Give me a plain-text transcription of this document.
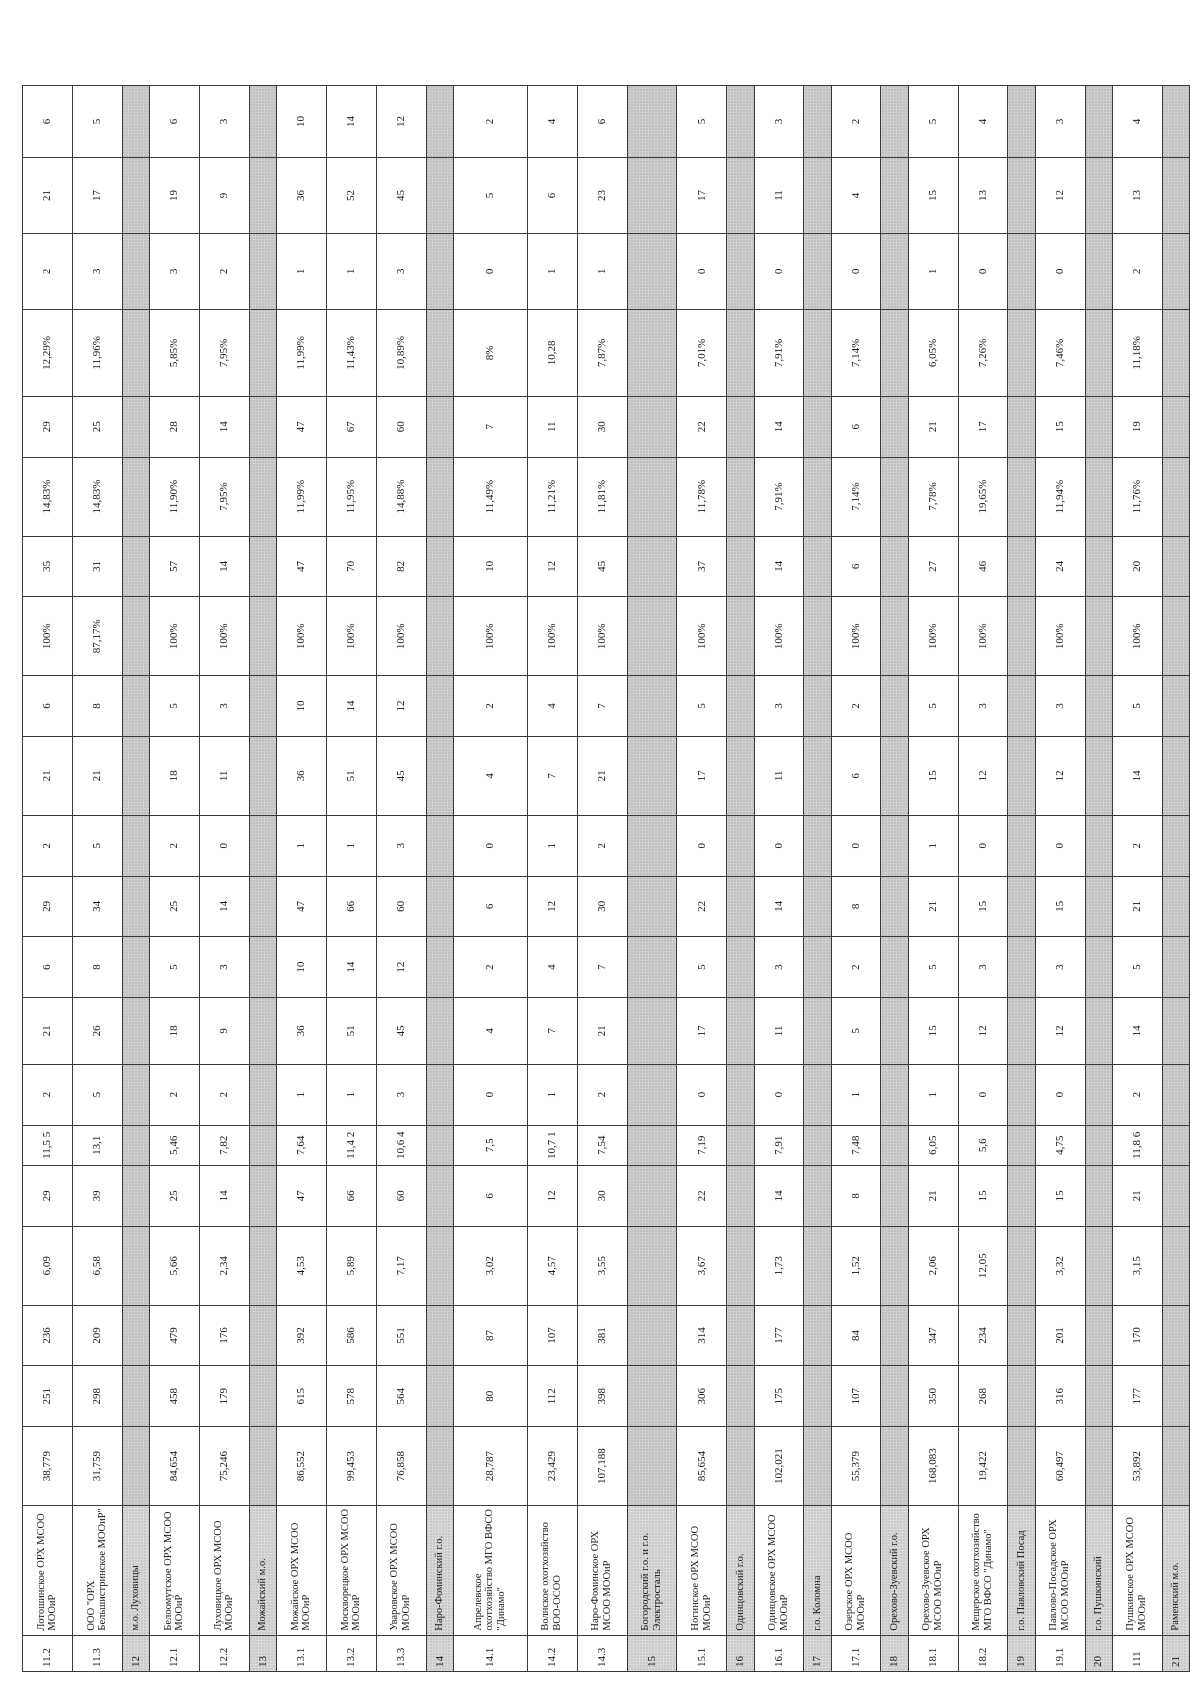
11.2	Лотошинское ОРХ МСОО МООиР	38,779	251	236	6,09	29	11,5 5	2	21	6	29	2	21	6	100%	35	14,83%	29	12,29%	2	21	6
11.3	ООО "ОРХ Бельшистринское МООиР"	31,759	298	209	6,58	39	13,1	5	26	8	34	5	21	8	87,17%	31	14,83%	25	11,96%	3	17	5
12	м.о. Луховицы																					
12.1	Белоомутское ОРХ МСОО МООиР	84,654	458	479	5,66	25	5,46	2	18	5	25	2	18	5	100%	57	11,90%	28	5,85%	3	19	6
12.2	Луховицкое ОРХ МСОО МООиР	75,246	179	176	2,34	14	7,82	2	9	3	14	0	11	3	100%	14	7,95%	14	7,95%	2	9	3
13	Можайский м.о.																					
13.1	Можайское ОРХ МСОО МООиР	86,552	615	392	4,53	47	7,64	1	36	10	47	1	36	10	100%	47	11,99%	47	11,99%	1	36	10
13.2	Москворецкое ОРХ МСОО МООиР	99,453	578	586	5,89	66	11,4 2	1	51	14	66	1	51	14	100%	70	11,95%	67	11,43%	1	52	14
13.3	Уваровское ОРХ МСОО МООиР	76,858	564	551	7,17	60	10,6 4	3	45	12	60	3	45	12	100%	82	14,88%	60	10,89%	3	45	12
14	Наро-Фоминский г.о.																					
14.1	Апрелевское охотхозяйство МГО ВФСО "Динамо"	28,787	80	87	3,02	6	7,5	0	4	2	6	0	4	2	100%	10	11,49%	7	8%	0	5	2
14.2	Волнское охотхозяйство ВОО-ОСОО	23,429	112	107	4,57	12	10,7 1	1	7	4	12	1	7	4	100%	12	11,21%	11	10,28	1	6	4
14.3	Наро-Фоминское ОРХ МСОО МООиР	107,188	398	381	3,55	30	7,54	2	21	7	30	2	21	7	100%	45	11,81%	30	7,87%	1	23	6
15	Богородский г.о. и г.о. Электросталь																					
15.1	Ногинское ОРХ МСОО МООиР	85,654	306	314	3,67	22	7,19	0	17	5	22	0	17	5	100%	37	11,78%	22	7,01%	0	17	5
16	Одинцовский г.о.																					
16.1	Одинцовское ОРХ МСОО МООиР	102,021	175	177	1,73	14	7,91	0	11	3	14	0	11	3	100%	14	7,91%	14	7,91%	0	11	3
17	г.о. Коломна																					
17.1	Озерское ОРХ МСОО МООиР	55,379	107	84	1,52	8	7,48	1	5	2	8	0	6	2	100%	6	7,14%	6	7,14%	0	4	2
18	Орехово-Зуевский г.о.																					
18.1	Орехово-Зуевское ОРХ МСОО МООиР	168,083	350	347	2,06	21	6,05	1	15	5	21	1	15	5	100%	27	7,78%	21	6,05%	1	15	5
18.2	Мещерское охотхозяйство МГО ВФСО "Динамо"	19,422	268	234	12,05	15	5,6	0	12	3	15	0	12	3	100%	46	19,65%	17	7,26%	0	13	4
19	г.о. Павловский Посад																					
19.1	Павлово-Посадское ОРХ МСОО МООиР	60,497	316	201	3,32	15	4,75	0	12	3	15	0	12	3	100%	24	11,94%	15	7,46%	0	12	3
20	г.о. Пушкинский																					
111	Пушкинское ОРХ МСОО МООиР	53,892	177	170	3,15	21	11,8 6	2	14	5	21	2	14	5	100%	20	11,76%	19	11,18%	2	13	4
21	Раменский м.о.																					
